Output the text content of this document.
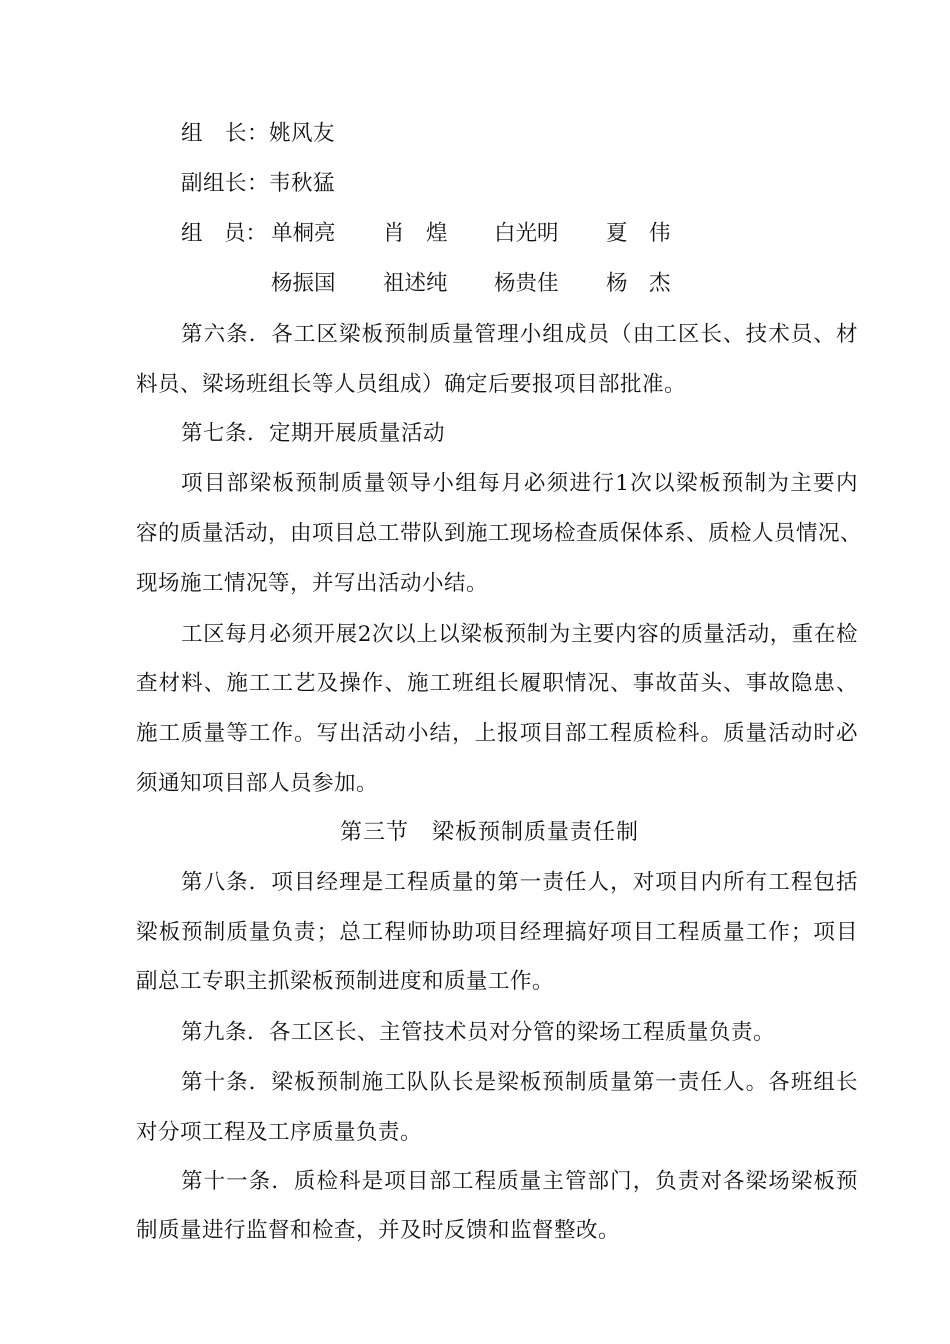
组　长：姚风友
副组长：韦秋猛
组　员： 单桐亮 肖　煌 白光明 夏　伟
杨振国 祖述纯 杨贵佳 杨　杰
第六条．各工区梁板预制质量管理小组成员（由工区长、技术员、材
料员、梁场班组长等人员组成）确定后要报项目部批准。
第七条．定期开展质量活动
项目部梁板预制质量领导小组每月必须进行1次以梁板预制为主要内
容的质量活动，由项目总工带队到施工现场检查质保体系、质检人员情况、
现场施工情况等，并写出活动小结。
工区每月必须开展2次以上以梁板预制为主要内容的质量活动，重在检
查材料、施工工艺及操作、施工班组长履职情况、事故苗头、事故隐患、
施工质量等工作。写出活动小结，上报项目部工程质检科。质量活动时必
须通知项目部人员参加。
第三节　梁板预制质量责任制
第八条．项目经理是工程质量的第一责任人，对项目内所有工程包括
梁板预制质量负责；总工程师协助项目经理搞好项目工程质量工作；项目
副总工专职主抓梁板预制进度和质量工作。
第九条．各工区长、主管技术员对分管的梁场工程质量负责。
第十条．梁板预制施工队队长是梁板预制质量第一责任人。各班组长
对分项工程及工序质量负责。
第十一条．质检科是项目部工程质量主管部门，负责对各梁场梁板预
制质量进行监督和检查，并及时反馈和监督整改。
